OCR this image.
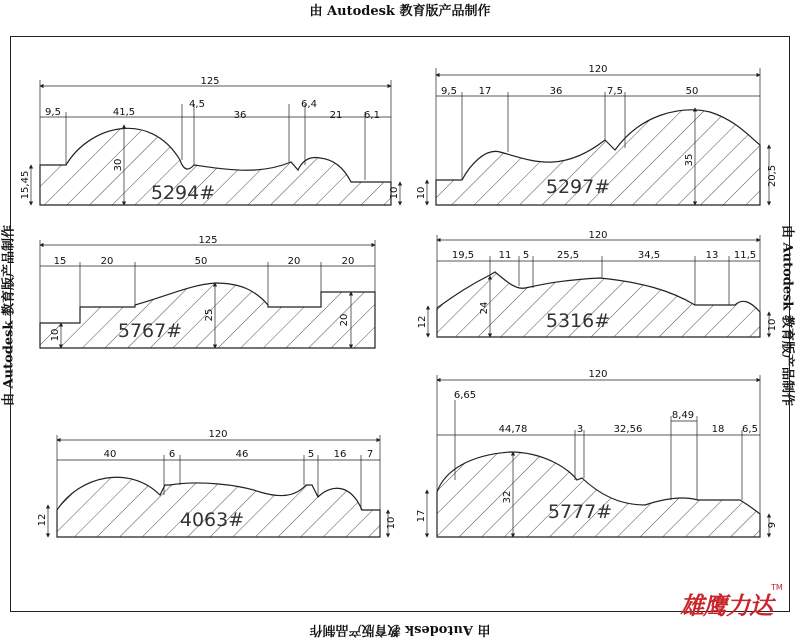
由 Autodesk 教育版产品制作
由 Autodesk 教育版产品制作
由 Autodesk 教育版产品制作	由 Autodesk 教育版产品制作
125
9,5	41,5
4,5
36
6,4
21 6,1
30
15,45	10
5294#
120
9,5 17	36	7,5	50
35
10
20,5
5297#
125
15	20	50	20	20
10
25	20
5767#
120
19,5 11 5	25,5	34,5	13 11,5
12
24
10
5316#
120
40	6	46	5 16 7
12	10
4063#
120
6,65
44,78	3	32,56
8,49
18 6,5
17
32
9
5777#
雄鹰力达
TM
